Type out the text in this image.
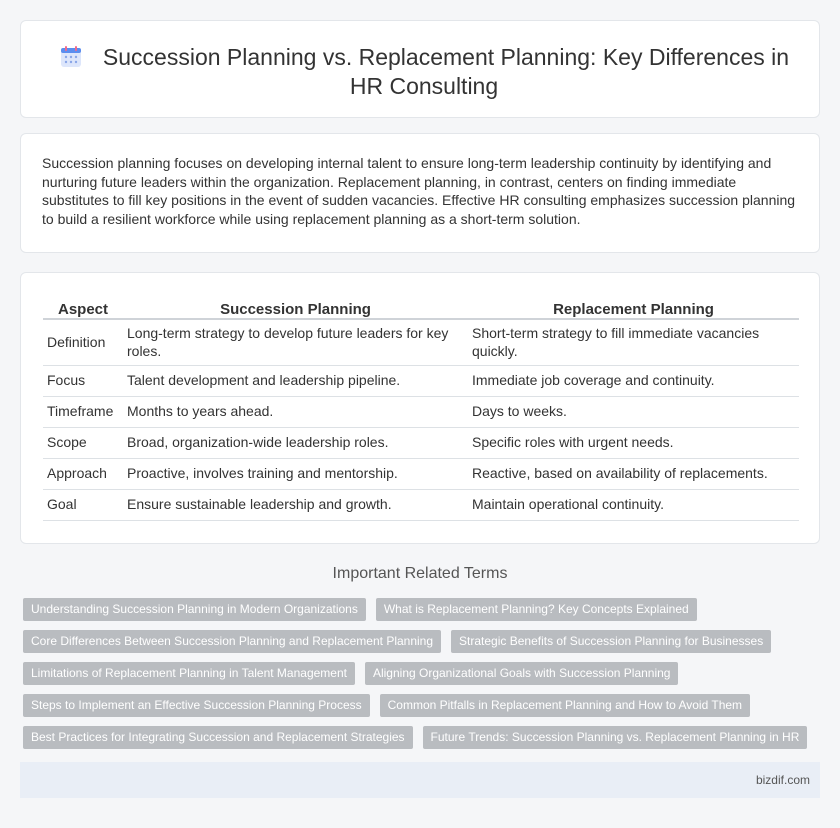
Succession Planning vs. Replacement Planning: Key Differences in HR Consulting

Succession planning focuses on developing internal talent to ensure long-term leadership continuity by identifying and nurturing future leaders within the organization. Replacement planning, in contrast, centers on finding immediate substitutes to fill key positions in the event of sudden vacancies. Effective HR consulting emphasizes succession planning to build a resilient workforce while using replacement planning as a short-term solution.

Aspect	Succession Planning	Replacement Planning
Definition	Long-term strategy to develop future leaders for key roles.	Short-term strategy to fill immediate vacancies quickly.
Focus	Talent development and leadership pipeline.	Immediate job coverage and continuity.
Timeframe	Months to years ahead.	Days to weeks.
Scope	Broad, organization-wide leadership roles.	Specific roles with urgent needs.
Approach	Proactive, involves training and mentorship.	Reactive, based on availability of replacements.
Goal	Ensure sustainable leadership and growth.	Maintain operational continuity.
Important Related Terms
Understanding Succession Planning in Modern Organizations What is Replacement Planning? Key Concepts Explained
Core Differences Between Succession Planning and Replacement Planning Strategic Benefits of Succession Planning for Businesses
Limitations of Replacement Planning in Talent Management Aligning Organizational Goals with Succession Planning
Steps to Implement an Effective Succession Planning Process Common Pitfalls in Replacement Planning and How to Avoid Them
Best Practices for Integrating Succession and Replacement Strategies Future Trends: Succession Planning vs. Replacement Planning in HR
bizdif.com
